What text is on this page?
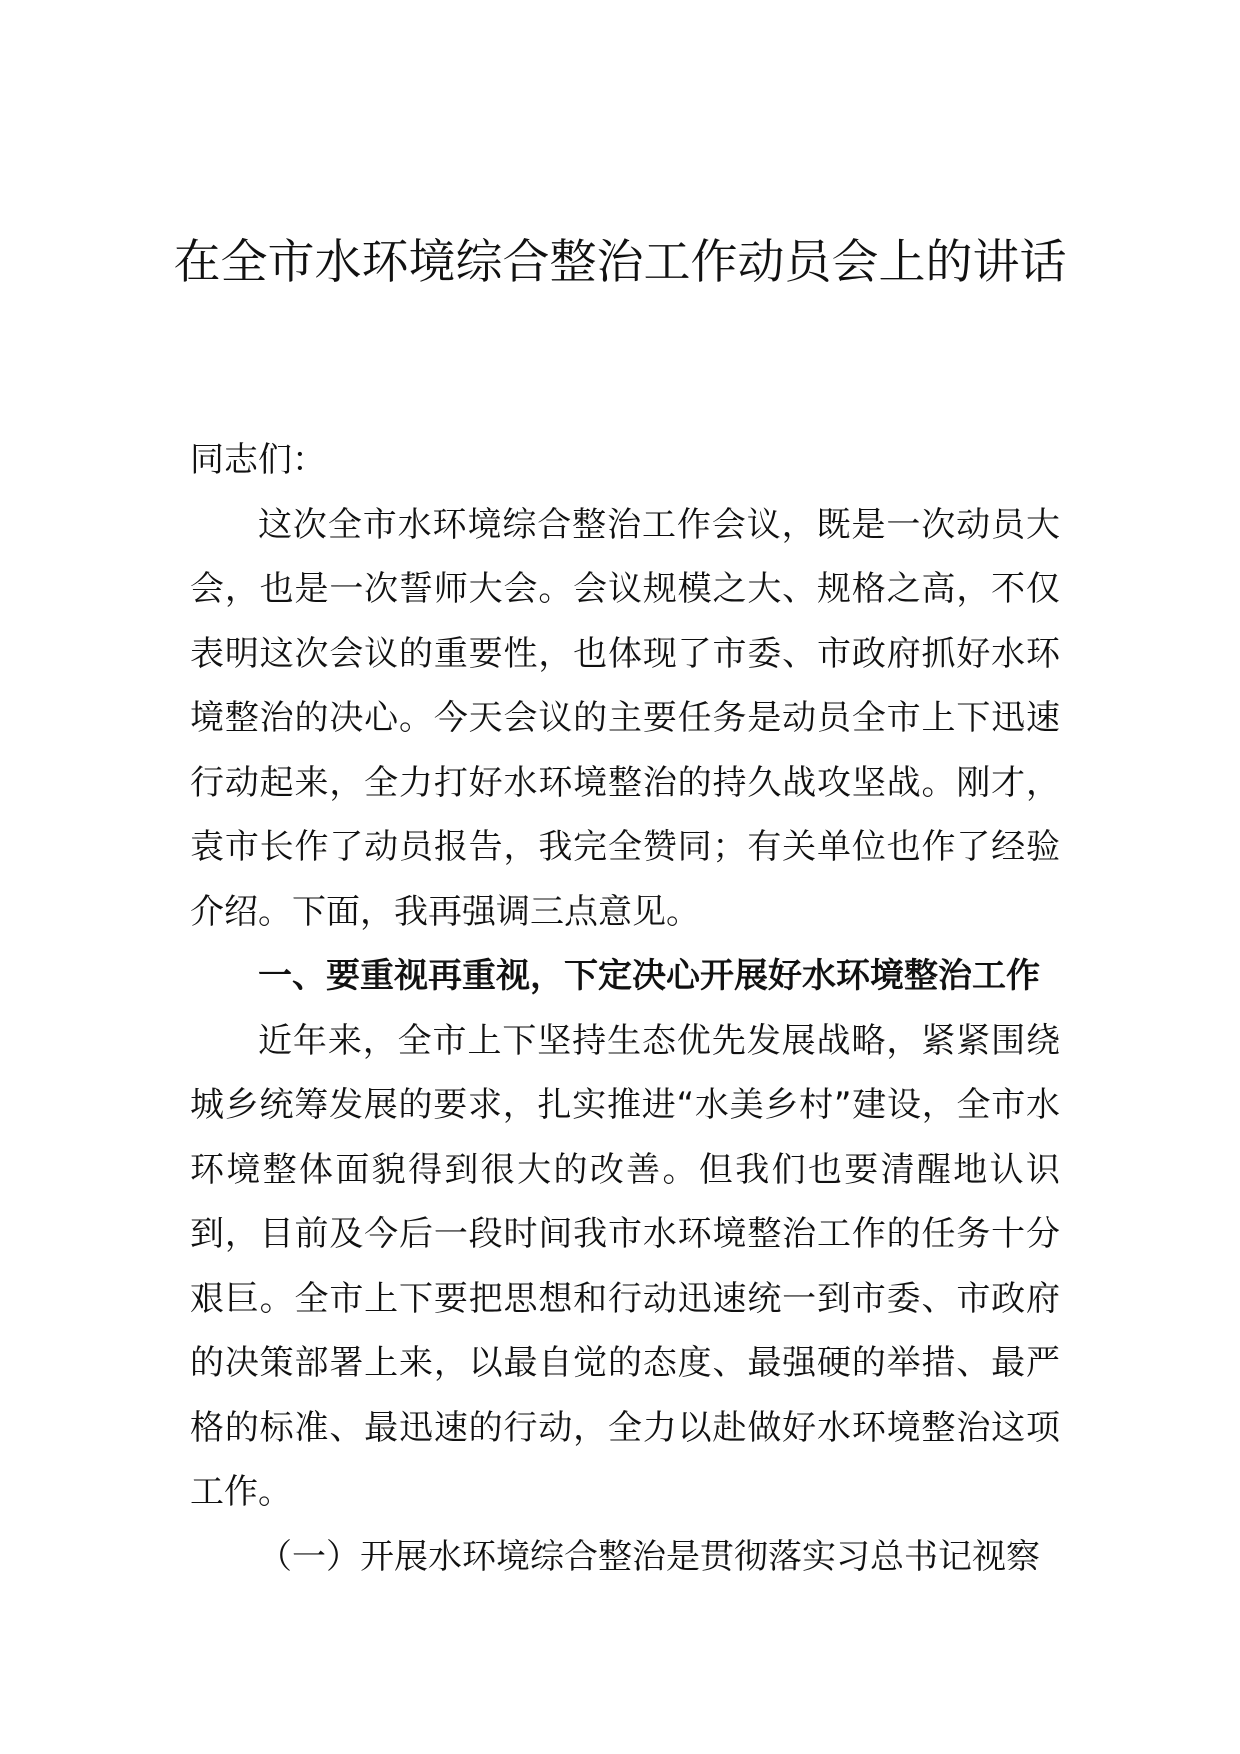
在全市水环境综合整治工作动员会上的讲话

同志们：

这次全市水环境综合整治工作会议，既是一次动员大会，也是一次誓师大会。会议规模之大、规格之高，不仅表明这次会议的重要性，也体现了市委、市政府抓好水环境整治的决心。今天会议的主要任务是动员全市上下迅速行动起来，全力打好水环境整治的持久战攻坚战。刚才，袁市长作了动员报告，我完全赞同；有关单位也作了经验介绍。下面，我再强调三点意见。

一、要重视再重视，下定决心开展好水环境整治工作

近年来，全市上下坚持生态优先发展战略，紧紧围绕城乡统筹发展的要求，扎实推进“水美乡村”建设，全市水环境整体面貌得到很大的改善。但我们也要清醒地认识到，目前及今后一段时间我市水环境整治工作的任务十分艰巨。全市上下要把思想和行动迅速统一到市委、市政府的决策部署上来，以最自觉的态度、最强硬的举措、最严格的标准、最迅速的行动，全力以赴做好水环境整治这项工作。

（一）开展水环境综合整治是贯彻落实习总书记视察
